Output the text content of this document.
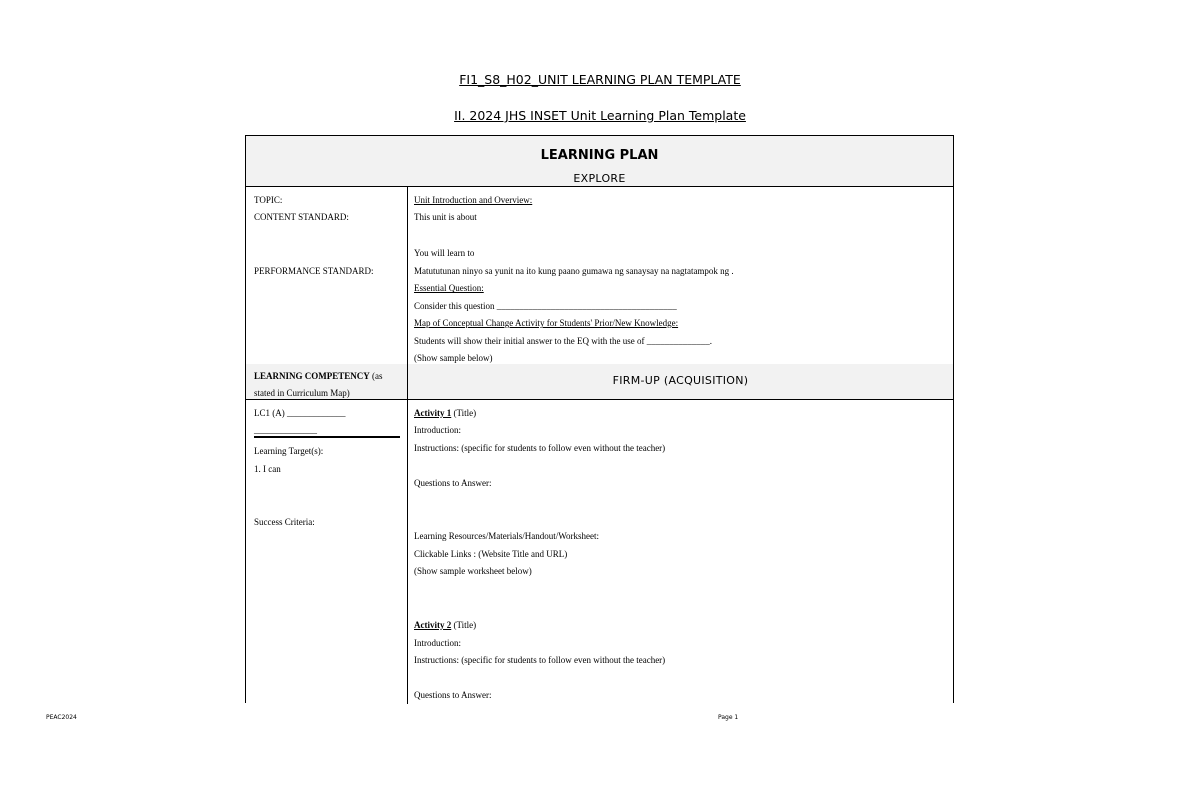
FI1_S8_H02_UNIT LEARNING PLAN TEMPLATE
II. 2024 JHS INSET Unit Learning Plan Template
LEARNING PLAN
EXPLORE
TOPIC:
CONTENT STANDARD:
PERFORMANCE STANDARD:
Unit Introduction and Overview:
This unit is about
You will learn to
Matututunan ninyo sa yunit na ito kung paano gumawa ng sanaysay na nagtatampok ng .
Essential Question:
Consider this question ________________________________________
Map of Conceptual Change Activity for Students' Prior/New Knowledge:
Students will show their initial answer to the EQ with the use of ______________.
(Show sample below)
LEARNING COMPETENCY (as
stated in Curriculum Map)
FIRM-UP (ACQUISITION)
LC1 (A) _____________
______________
Learning Target(s):
1. I can
Success Criteria:
Activity 1 (Title)
Introduction:
Instructions: (specific for students to follow even without the teacher)
Questions to Answer:
Learning Resources/Materials/Handout/Worksheet:
Clickable Links : (Website Title and URL)
(Show sample worksheet below)
Activity 2 (Title)
Introduction:
Instructions: (specific for students to follow even without the teacher)
Questions to Answer:
PEAC2024	Page 1
